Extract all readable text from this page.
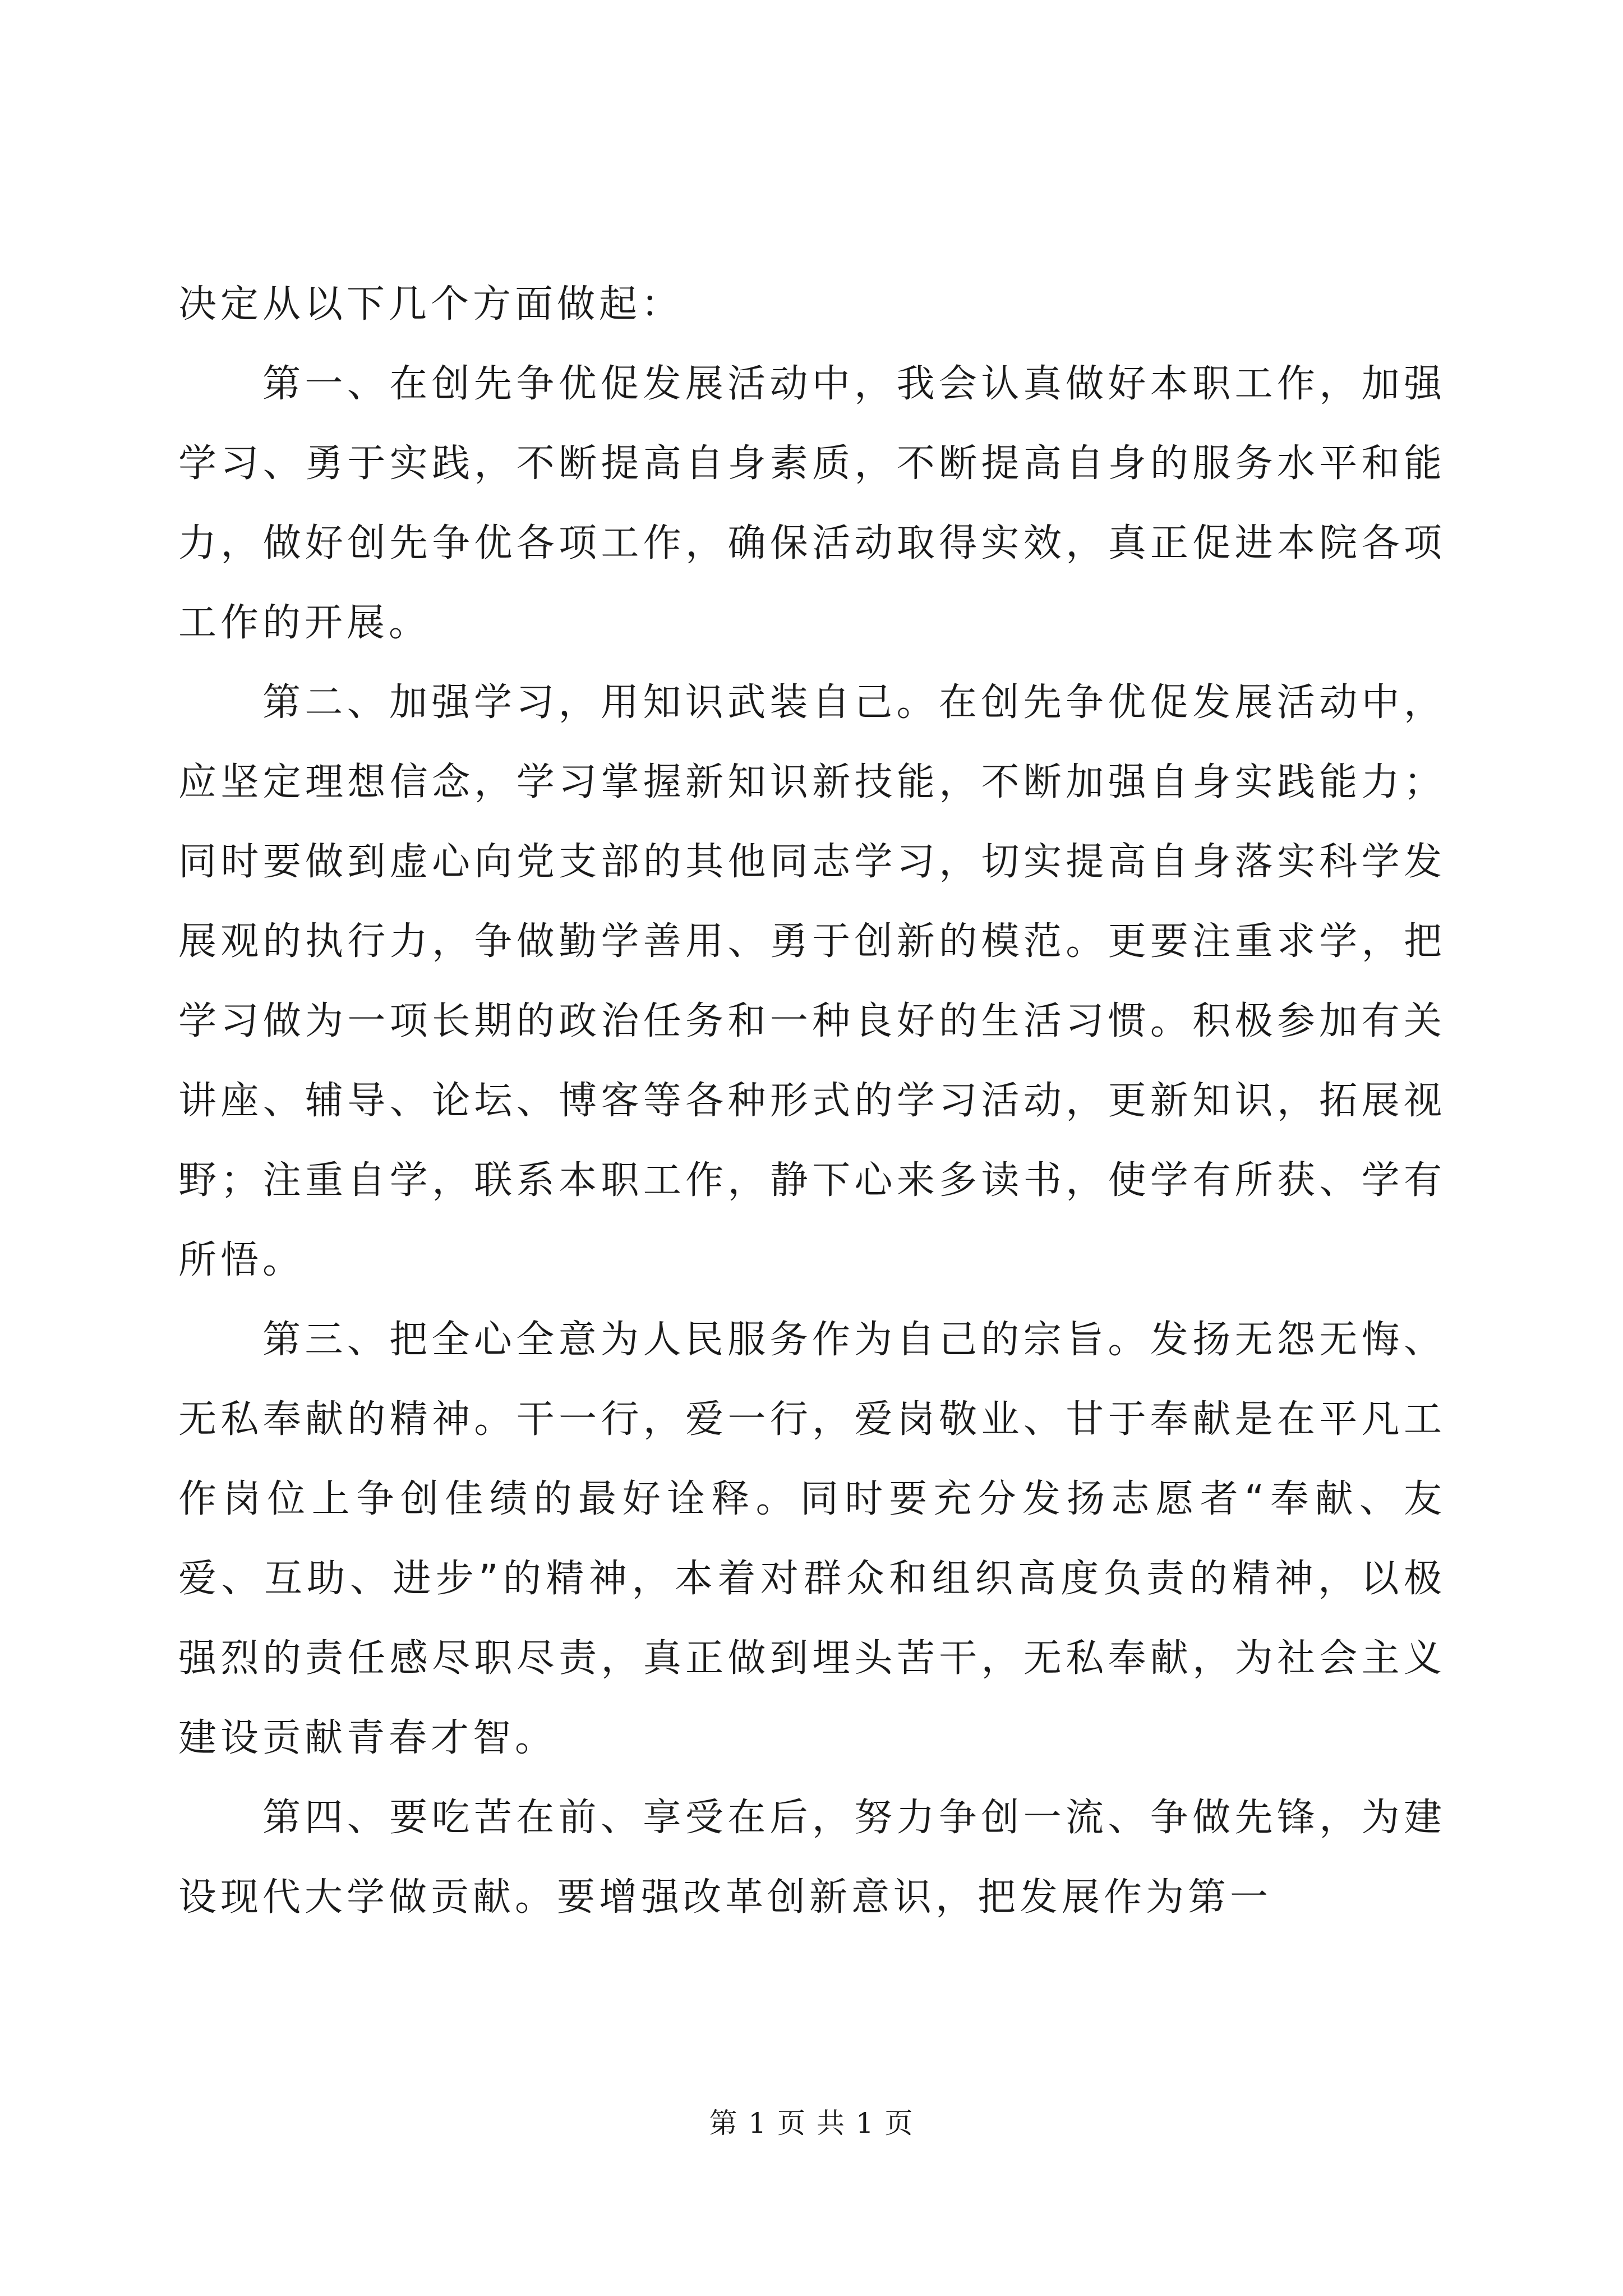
决定从以下几个方面做起：

第一、在创先争优促发展活动中，我会认真做好本职工作，加强学习、勇于实践，不断提高自身素质，不断提高自身的服务水平和能力，做好创先争优各项工作，确保活动取得实效，真正促进本院各项工作的开展。

第二、加强学习，用知识武装自己。在创先争优促发展活动中，应坚定理想信念，学习掌握新知识新技能，不断加强自身实践能力；同时要做到虚心向党支部的其他同志学习，切实提高自身落实科学发展观的执行力，争做勤学善用、勇于创新的模范。更要注重求学，把学习做为一项长期的政治任务和一种良好的生活习惯。积极参加有关讲座、辅导、论坛、博客等各种形式的学习活动，更新知识，拓展视野；注重自学，联系本职工作，静下心来多读书，使学有所获、学有所悟。

第三、把全心全意为人民服务作为自己的宗旨。发扬无怨无悔、无私奉献的精神。干一行，爱一行，爱岗敬业、甘于奉献是在平凡工作岗位上争创佳绩的最好诠释。同时要充分发扬志愿者“奉献、友爱、互助、进步”的精神，本着对群众和组织高度负责的精神，以极强烈的责任感尽职尽责，真正做到埋头苦干，无私奉献，为社会主义建设贡献青春才智。

第四、要吃苦在前、享受在后，努力争创一流、争做先锋，为建设现代大学做贡献。要增强改革创新意识，把发展作为第一

第 1 页 共 1 页
